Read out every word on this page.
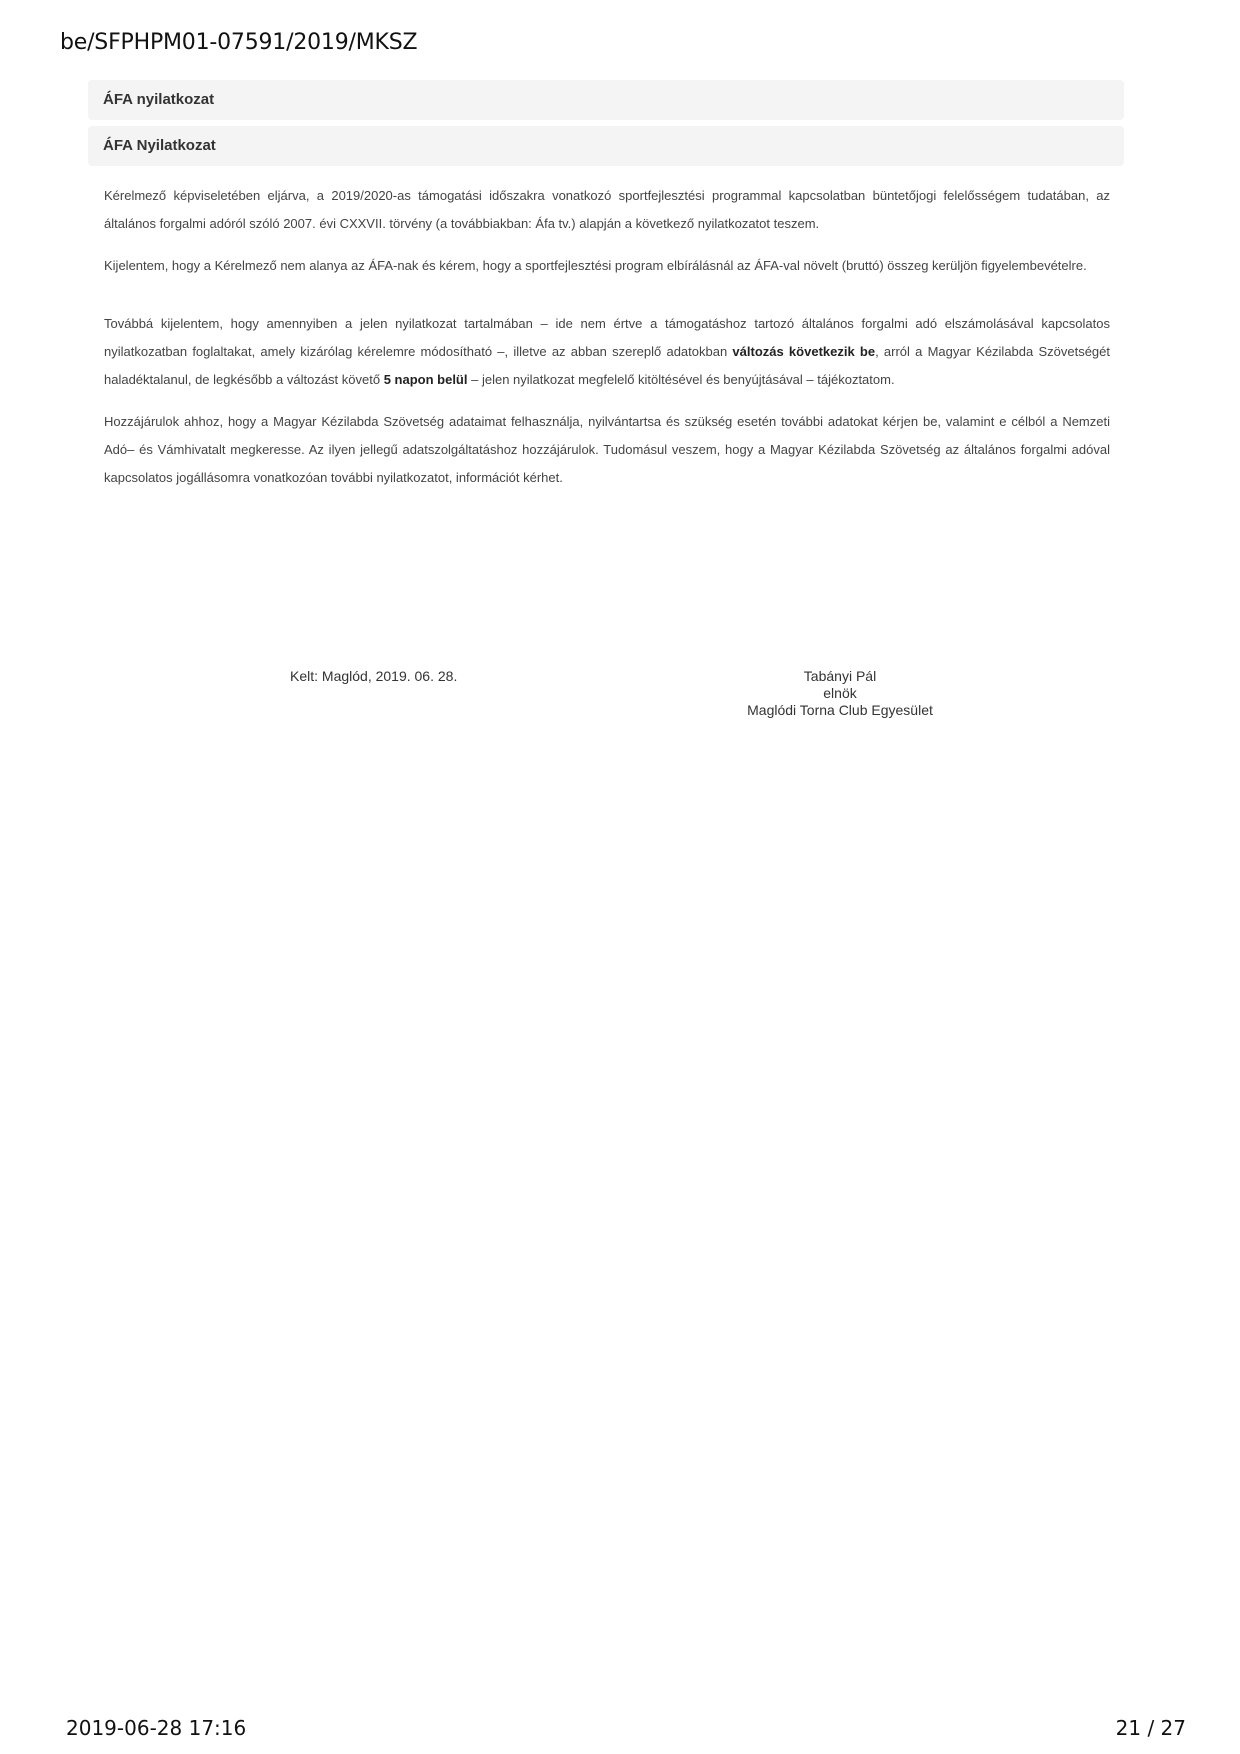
be/SFPHPM01-07591/2019/MKSZ
ÁFA nyilatkozat
ÁFA Nyilatkozat

Kérelmező képviseletében eljárva, a 2019/2020-as támogatási időszakra vonatkozó sportfejlesztési programmal kapcsolatban büntetőjogi felelősségem tudatában, az általános forgalmi adóról szóló 2007. évi CXXVII. törvény (a továbbiakban: Áfa tv.) alapján a következő nyilatkozatot teszem.

Kijelentem, hogy a Kérelmező nem alanya az ÁFA-nak és kérem, hogy a sportfejlesztési program elbírálásnál az ÁFA-val növelt (bruttó) összeg kerüljön figyelembevételre.

Továbbá kijelentem, hogy amennyiben a jelen nyilatkozat tartalmában – ide nem értve a támogatáshoz tartozó általános forgalmi adó elszámolásával kapcsolatos nyilatkozatban foglaltakat, amely kizárólag kérelemre módosítható –, illetve az abban szereplő adatokban változás következik be, arról a Magyar Kézilabda Szövetségét haladéktalanul, de legkésőbb a változást követő 5 napon belül – jelen nyilatkozat megfelelő kitöltésével és benyújtásával – tájékoztatom.

Hozzájárulok ahhoz, hogy a Magyar Kézilabda Szövetség adataimat felhasználja, nyilvántartsa és szükség esetén további adatokat kérjen be, valamint e célból a Nemzeti Adó– és Vámhivatalt megkeresse. Az ilyen jellegű adatszolgáltatáshoz hozzájárulok. Tudomásul veszem, hogy a Magyar Kézilabda Szövetség az általános forgalmi adóval kapcsolatos jogállásomra vonatkozóan további nyilatkozatot, információt kérhet.

Kelt: Maglód, 2019. 06. 28.	Tabányi Pál
elnök
Maglódi Torna Club Egyesület
2019-06-28 17:16	21 / 27
